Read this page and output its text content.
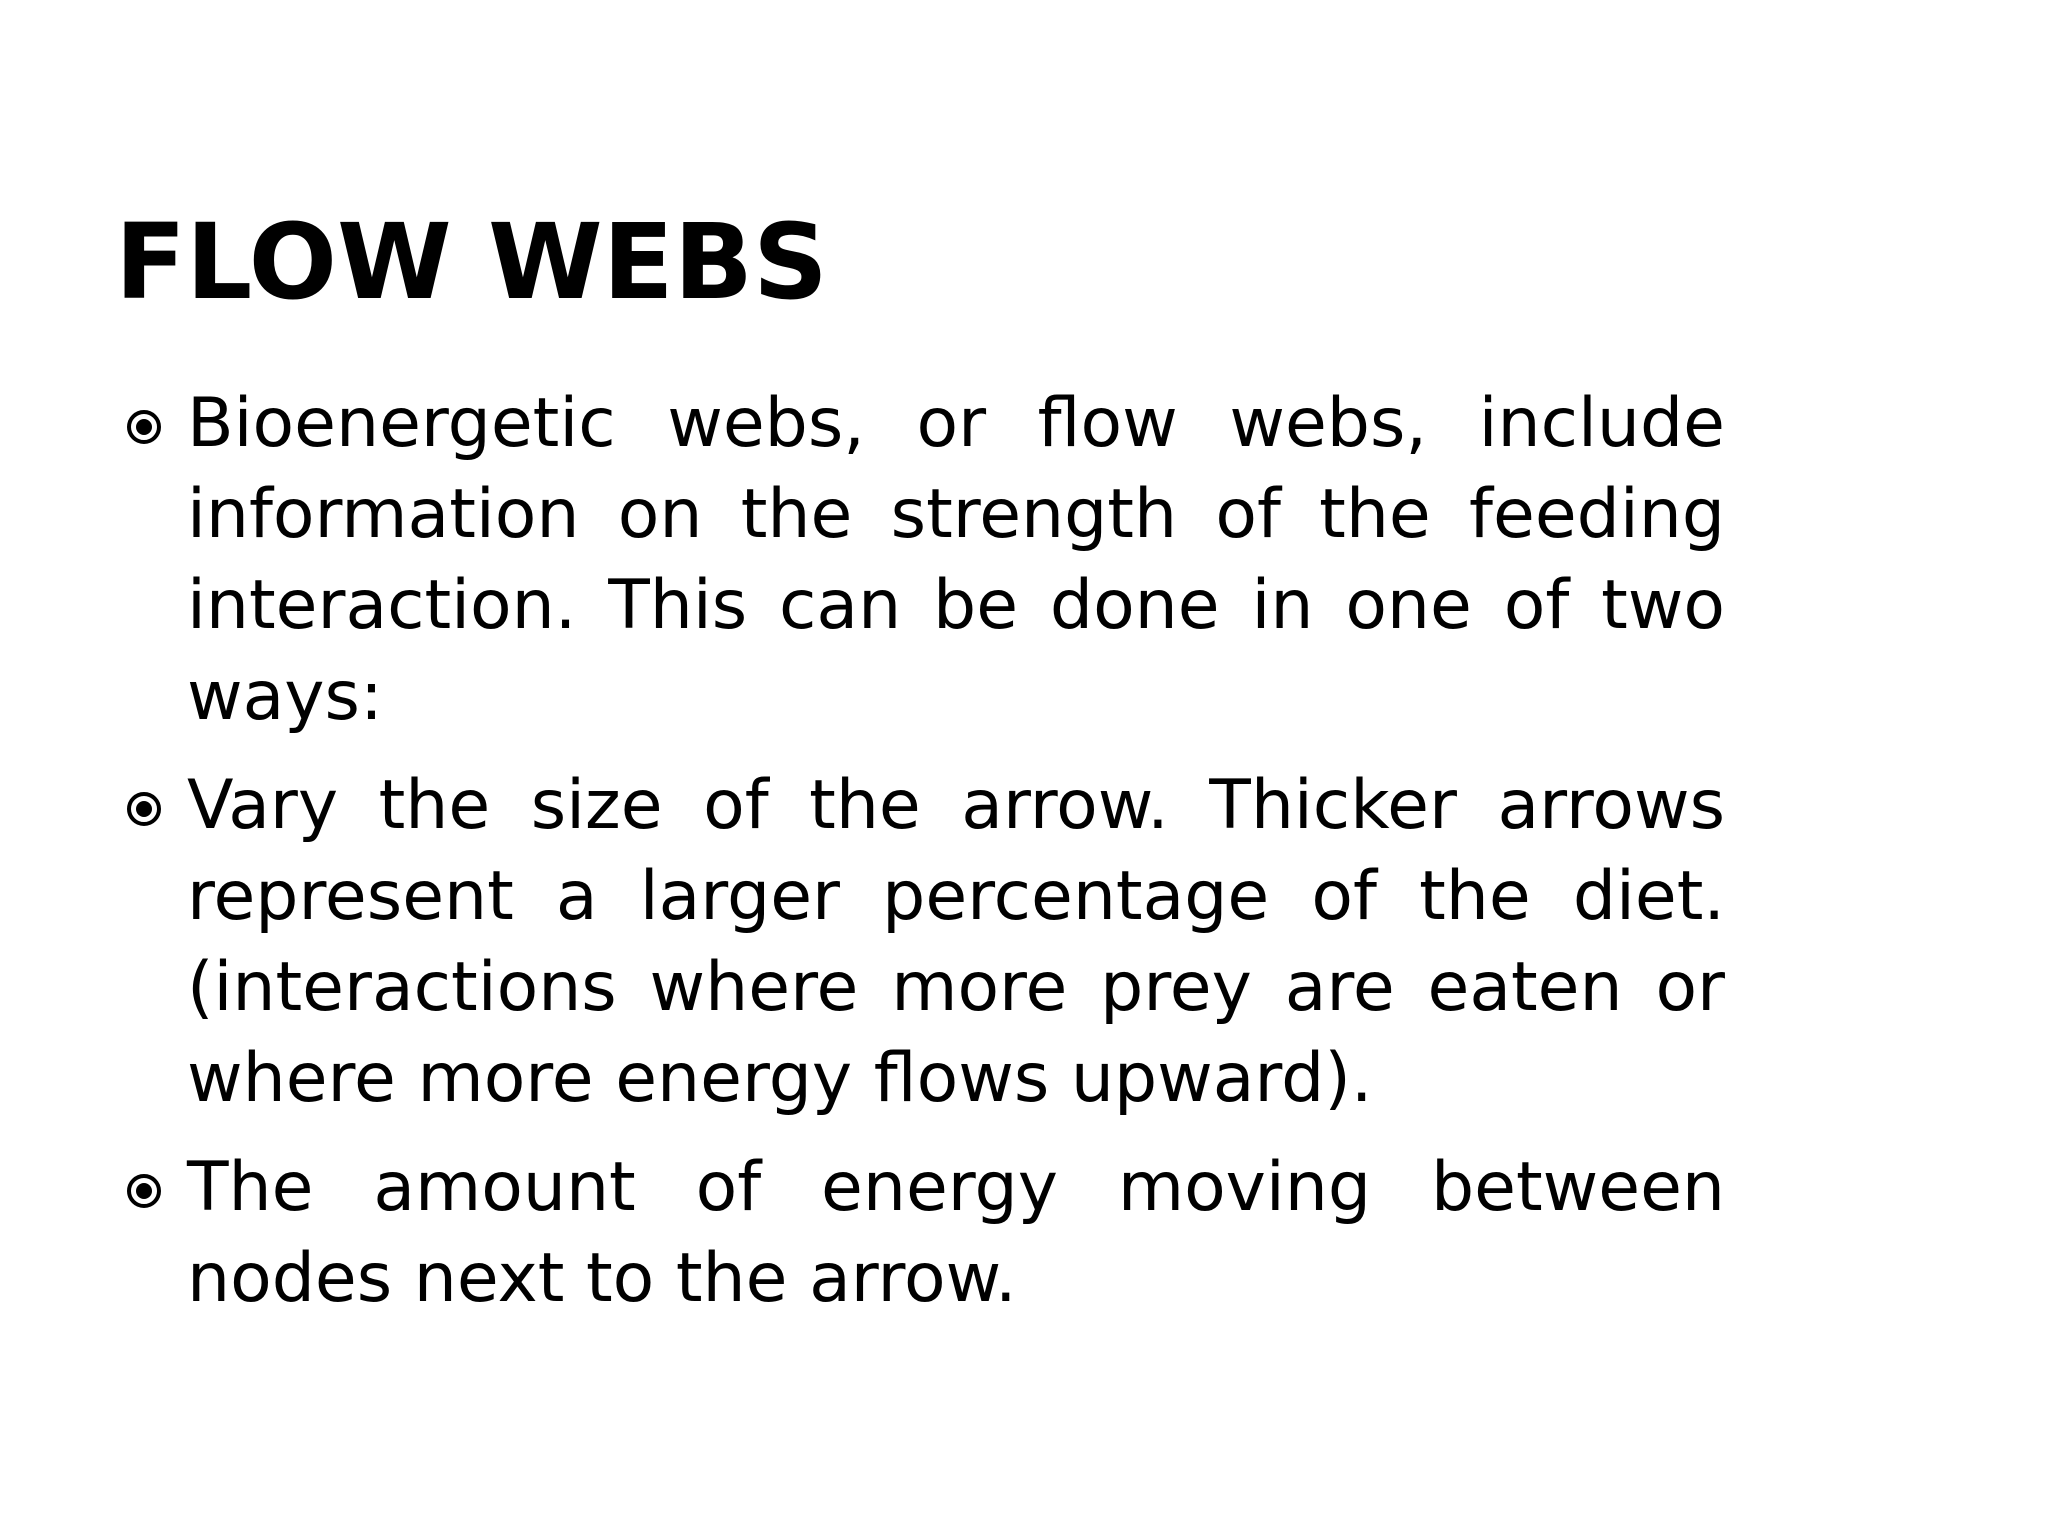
FLOW WEBS
Bioenergetic webs, or flow webs, include information on the strength of the feeding interaction. This can be done in one of two ways:
Vary the size of the arrow. Thicker arrows represent a larger percentage of the diet. (interactions where more prey are eaten or where more energy flows upward).
The amount of energy moving between nodes next to the arrow.
